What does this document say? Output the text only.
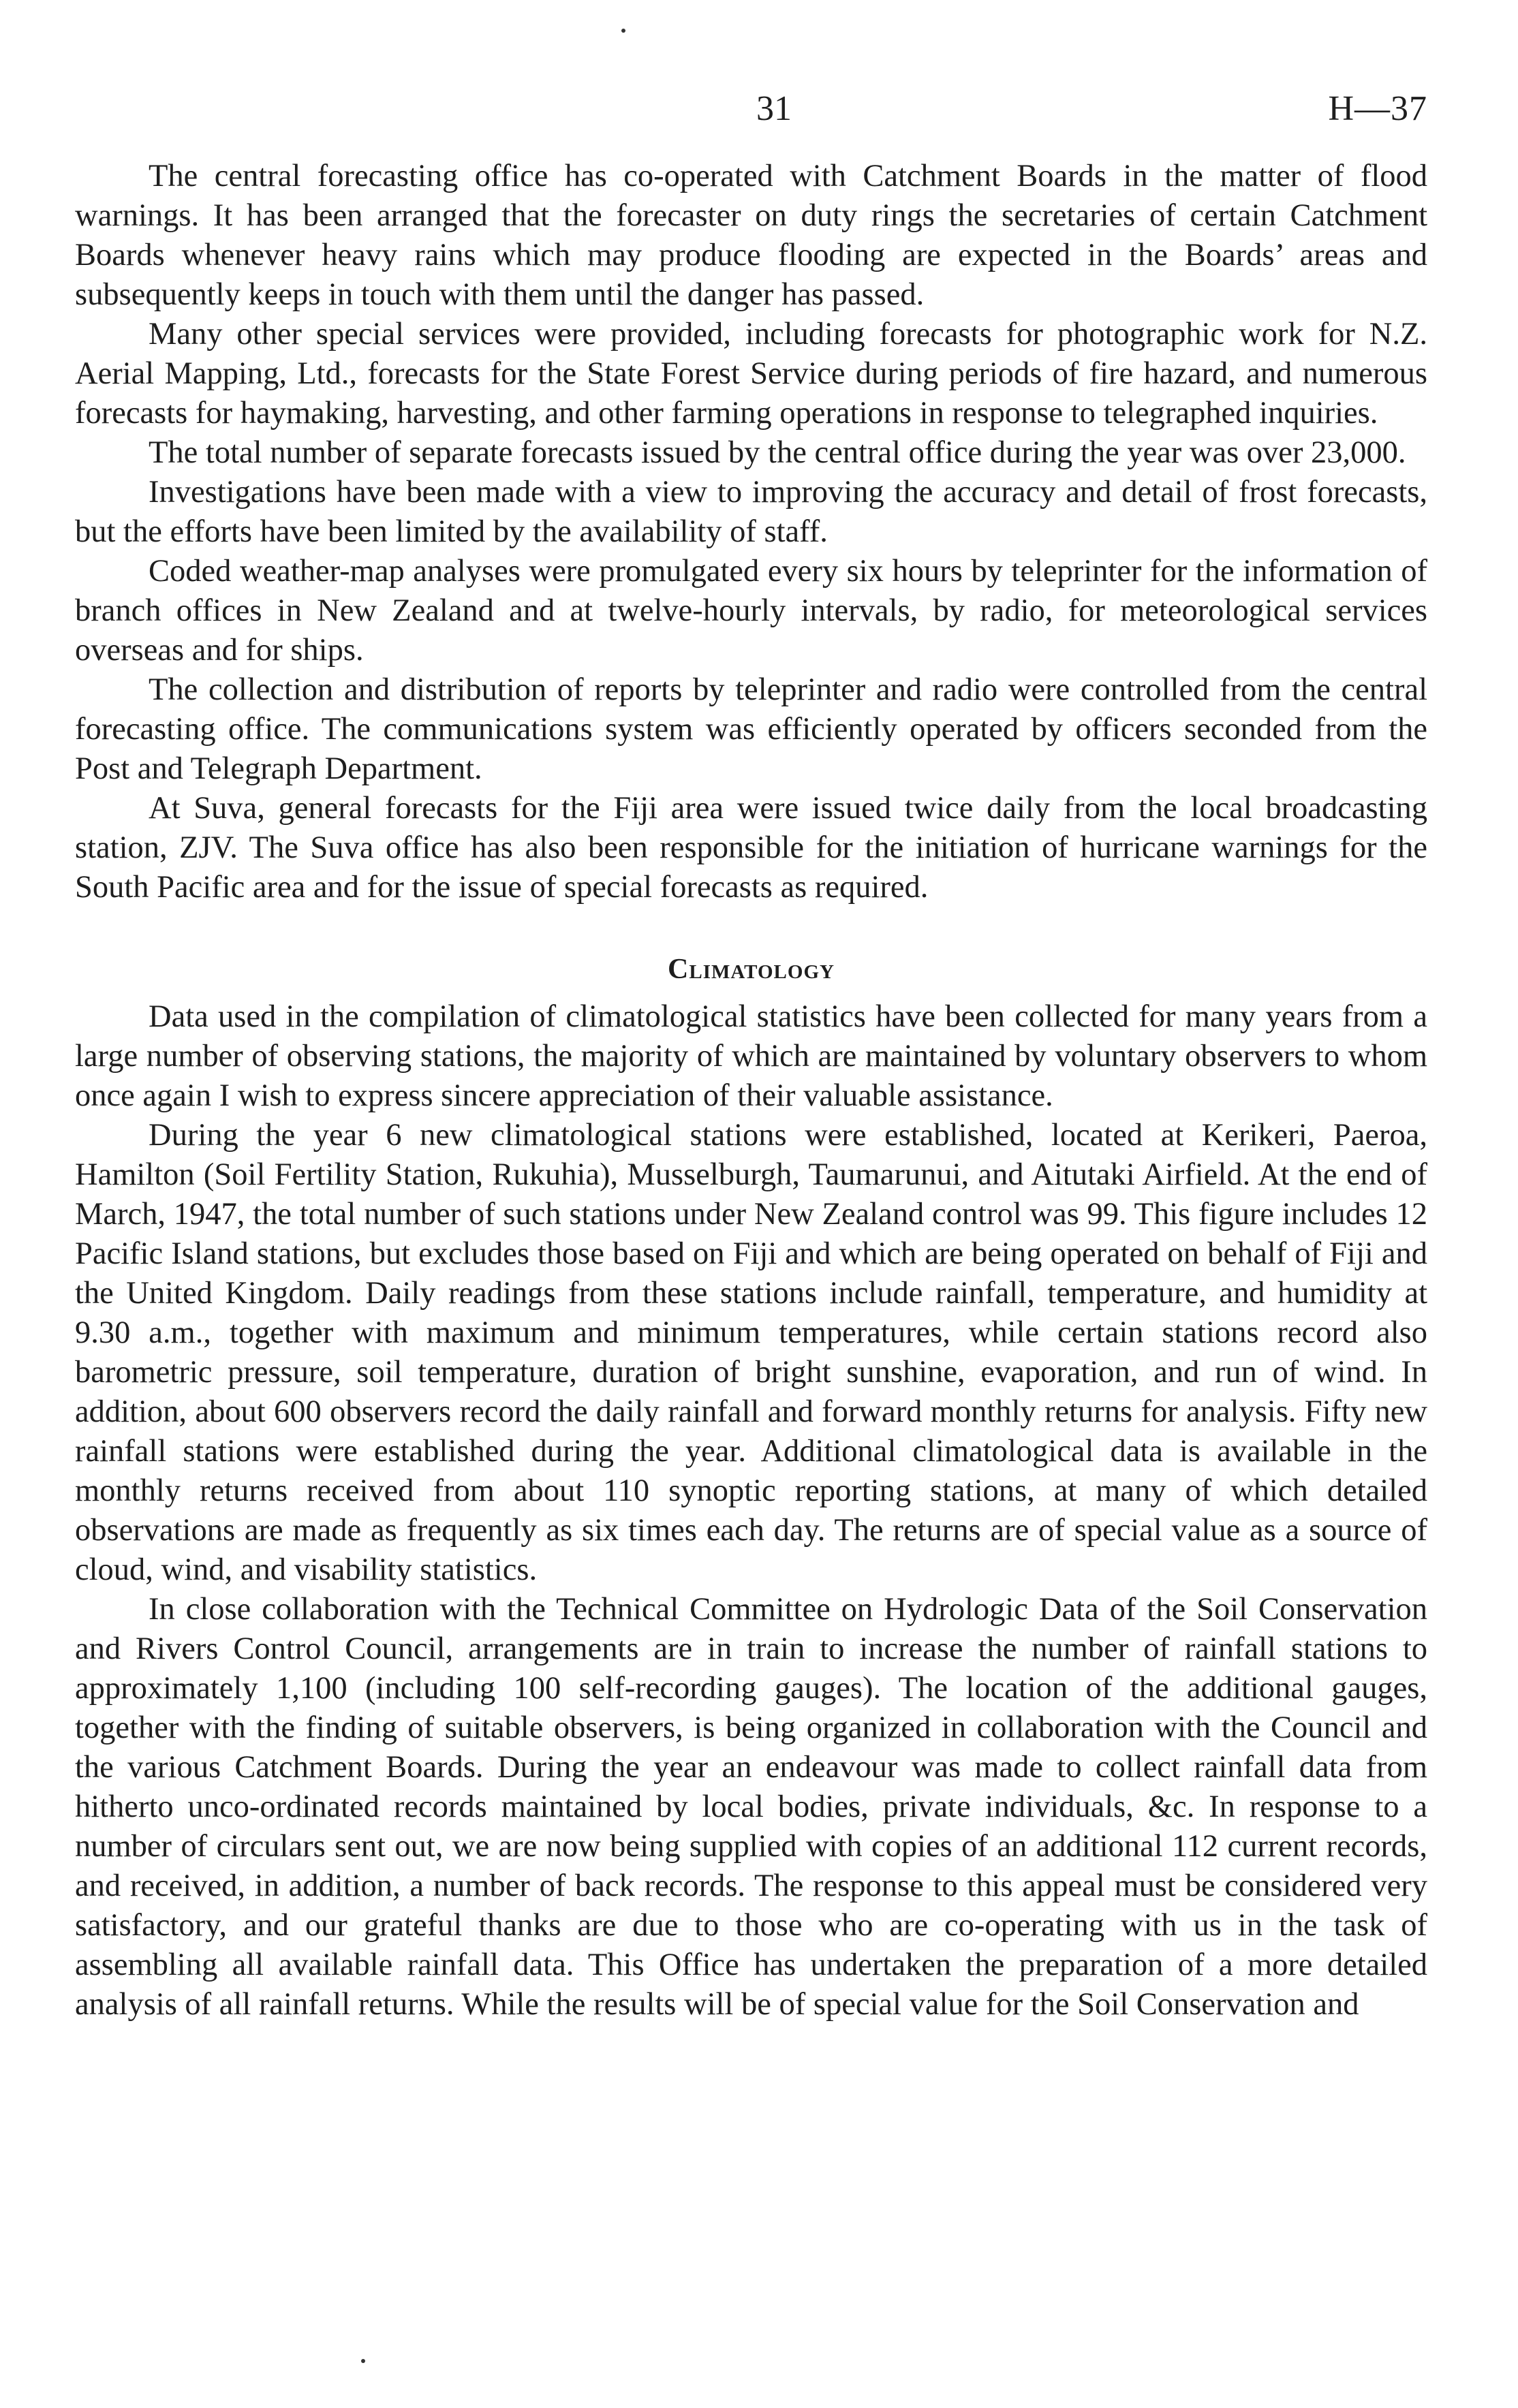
31	H—37

The central forecasting office has co-operated with Catchment Boards in the matter of flood warnings. It has been arranged that the forecaster on duty rings the secretaries of certain Catchment Boards whenever heavy rains which may produce flooding are expected in the Boards’ areas and subsequently keeps in touch with them until the danger has passed.

Many other special services were provided, including forecasts for photographic work for N.Z. Aerial Mapping, Ltd., forecasts for the State Forest Service during periods of fire hazard, and numerous forecasts for haymaking, harvesting, and other farming operations in response to telegraphed inquiries.

The total number of separate forecasts issued by the central office during the year was over 23,000.

Investigations have been made with a view to improving the accuracy and detail of frost forecasts, but the efforts have been limited by the availability of staff.

Coded weather-map analyses were promulgated every six hours by teleprinter for the information of branch offices in New Zealand and at twelve-hourly intervals, by radio, for meteorological services overseas and for ships.

The collection and distribution of reports by teleprinter and radio were controlled from the central forecasting office. The communications system was efficiently operated by officers seconded from the Post and Telegraph Department.

At Suva, general forecasts for the Fiji area were issued twice daily from the local broadcasting station, ZJV. The Suva office has also been responsible for the initiation of hurricane warnings for the South Pacific area and for the issue of special forecasts as required.

Climatology

Data used in the compilation of climatological statistics have been collected for many years from a large number of observing stations, the majority of which are maintained by voluntary observers to whom once again I wish to express sincere appreciation of their valuable assistance.

During the year 6 new climatological stations were established, located at Kerikeri, Paeroa, Hamilton (Soil Fertility Station, Rukuhia), Musselburgh, Taumarunui, and Aitutaki Airfield. At the end of March, 1947, the total number of such stations under New Zealand control was 99. This figure includes 12 Pacific Island stations, but excludes those based on Fiji and which are being operated on behalf of Fiji and the United Kingdom. Daily readings from these stations include rainfall, temperature, and humidity at 9.30 a.m., together with maximum and minimum temperatures, while certain stations record also barometric pressure, soil temperature, duration of bright sunshine, evaporation, and run of wind. In addition, about 600 observers record the daily rainfall and forward monthly returns for analysis. Fifty new rainfall stations were established during the year. Additional climatological data is available in the monthly returns received from about 110 synoptic reporting stations, at many of which detailed observations are made as frequently as six times each day. The returns are of special value as a source of cloud, wind, and visability statistics.

In close collaboration with the Technical Committee on Hydrologic Data of the Soil Conservation and Rivers Control Council, arrangements are in train to increase the number of rainfall stations to approximately 1,100 (including 100 self-recording gauges). The location of the additional gauges, together with the finding of suitable observers, is being organized in collaboration with the Council and the various Catchment Boards. During the year an endeavour was made to collect rainfall data from hitherto unco-ordinated records maintained by local bodies, private individuals, &c. In response to a number of circulars sent out, we are now being supplied with copies of an additional 112 current records, and received, in addition, a number of back records. The response to this appeal must be considered very satisfactory, and our grateful thanks are due to those who are co-operating with us in the task of assembling all available rainfall data. This Office has undertaken the preparation of a more detailed analysis of all rainfall returns. While the results will be of special value for the Soil Conservation and
